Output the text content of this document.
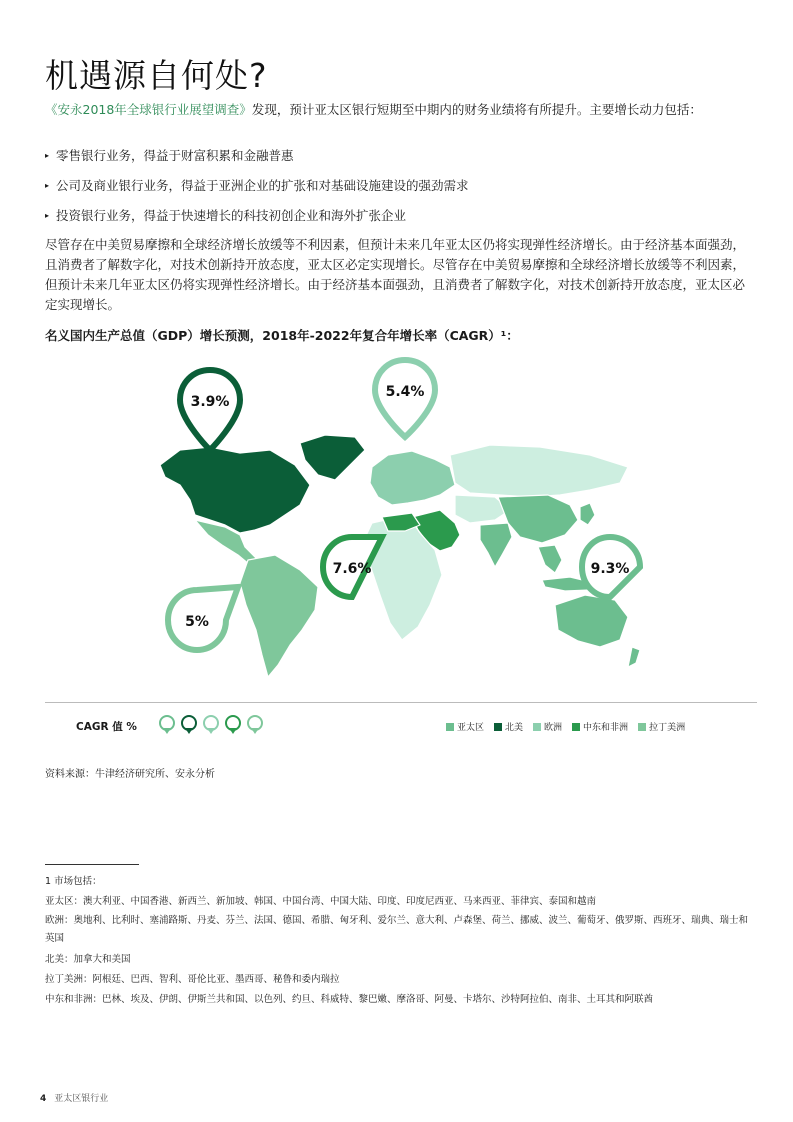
机遇源自何处?
《安永2018年全球银行业展望调查》发现，预计亚太区银行短期至中期内的财务业绩将有所提升。主要增长动力包括：
▸ 零售银行业务，得益于财富积累和金融普惠
▸ 公司及商业银行业务，得益于亚洲企业的扩张和对基础设施建设的强劲需求
▸ 投资银行业务，得益于快速增长的科技初创企业和海外扩张企业

尽管存在中美贸易摩擦和全球经济增长放缓等不利因素，但预计未来几年亚太区仍将实现弹性经济增长。由于经济基本面强劲，且消费者了解数字化，对技术创新持开放态度，亚太区必定实现增长。尽管存在中美贸易摩擦和全球经济增长放缓等不利因素，但预计未来几年亚太区仍将实现弹性经济增长。由于经济基本面强劲，且消费者了解数字化，对技术创新持开放态度，亚太区必定实现增长。

名义国内生产总值（GDP）增长预测，2018年-2022年复合年增长率（CAGR）¹：
3.9%
5.4%
7.6%	9.3%
5%
CAGR 值 %	亚太区 北美 欧洲 中东和非洲 拉丁美洲
资料来源：牛津经济研究所、安永分析
1 市场包括：
亚太区：澳大利亚、中国香港、新西兰、新加坡、韩国、中国台湾、中国大陆、印度、印度尼西亚、马来西亚、菲律宾、泰国和越南
欧洲：奥地利、比利时、塞浦路斯、丹麦、芬兰、法国、德国、希腊、匈牙利、爱尔兰、意大利、卢森堡、荷兰、挪威、波兰、葡萄牙、俄罗斯、西班牙、瑞典、瑞士和英国
北美：加拿大和美国
拉丁美洲：阿根廷、巴西、智利、哥伦比亚、墨西哥、秘鲁和委内瑞拉
中东和非洲：巴林、埃及、伊朗、伊斯兰共和国、以色列、约旦、科威特、黎巴嫩、摩洛哥、阿曼、卡塔尔、沙特阿拉伯、南非、土耳其和阿联酋
4 亚太区银行业
